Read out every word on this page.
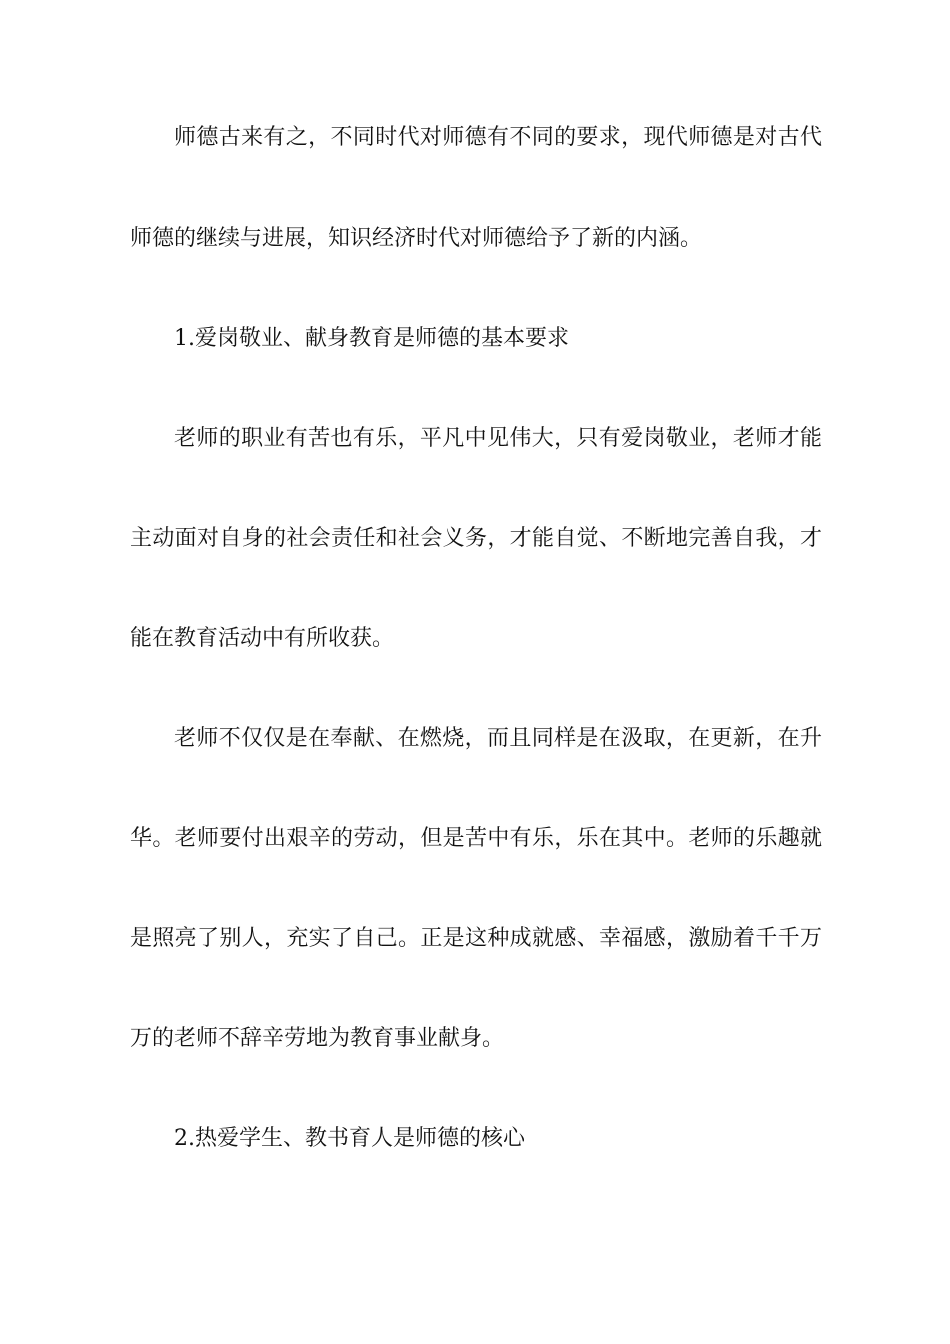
师德古来有之，不同时代对师德有不同的要求，现代师德是对古代
师德的继续与进展，知识经济时代对师德给予了新的内涵。
1.爱岗敬业、献身教育是师德的基本要求
老师的职业有苦也有乐，平凡中见伟大，只有爱岗敬业，老师才能
主动面对自身的社会责任和社会义务，才能自觉、不断地完善自我，才
能在教育活动中有所收获。
老师不仅仅是在奉献、在燃烧，而且同样是在汲取，在更新，在升
华。老师要付出艰辛的劳动，但是苦中有乐，乐在其中。老师的乐趣就
是照亮了别人，充实了自己。正是这种成就感、幸福感，激励着千千万
万的老师不辞辛劳地为教育事业献身。
2.热爱学生、教书育人是师德的核心
